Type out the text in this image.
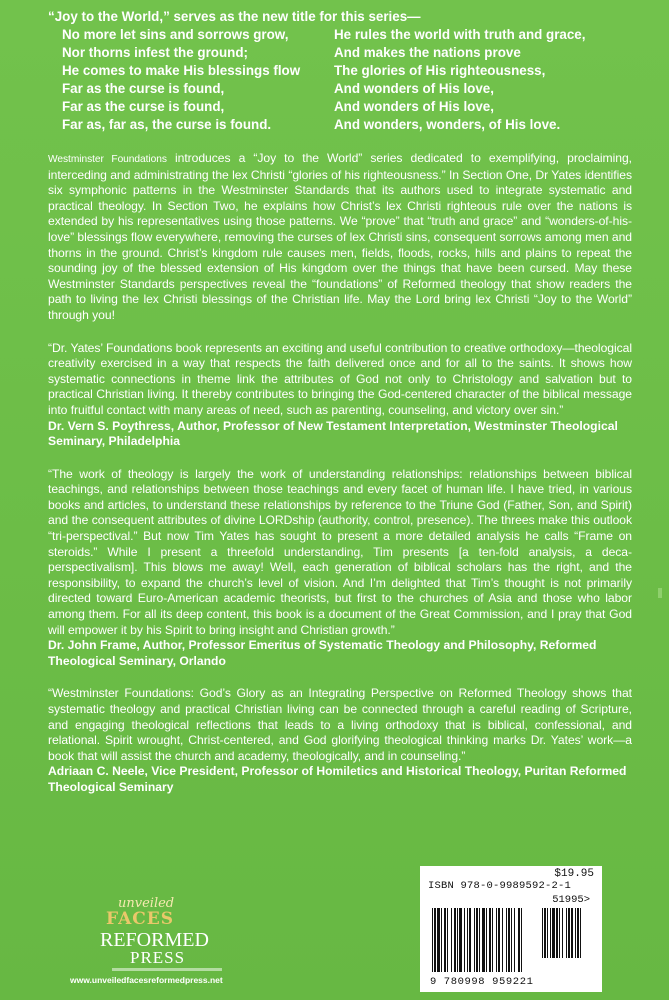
“Joy to the World,” serves as the new title for this series—
No more let sins and sorrows grow,
Nor thorns infest the ground;
He comes to make His blessings flow
Far as the curse is found,
Far as the curse is found,
Far as, far as, the curse is found.
He rules the world with truth and grace,
And makes the nations prove
The glories of His righteousness,
And wonders of His love,
And wonders of His love,
And wonders, wonders, of His love.
Westminster Foundations introduces a “Joy to the World” series dedicated to exemplifying, proclaiming, interceding and administrating the lex Christi “glories of his righteousness.” In Section One, Dr Yates identifies six symphonic patterns in the Westminster Standards that its authors used to integrate systematic and practical theology. In Section Two, he explains how Christ’s lex Christi righteous rule over the nations is extended by his representatives using those patterns. We “prove” that “truth and grace” and “wonders-of-his-love” blessings flow everywhere, removing the curses of lex Christi sins, consequent sorrows among men and thorns in the ground. Christ’s kingdom rule causes men, fields, floods, rocks, hills and plains to repeat the sounding joy of the blessed extension of His kingdom over the things that have been cursed. May these Westminster Standards perspectives reveal the “foundations” of Reformed theology that show readers the path to living the lex Christi blessings of the Christian life. May the Lord bring lex Christi “Joy to the World” through you!
“Dr. Yates’ Foundations book represents an exciting and useful contribution to creative orthodoxy—theological creativity exercised in a way that respects the faith delivered once and for all to the saints. It shows how systematic connections in theme link the attributes of God not only to Christology and salvation but to practical Christian living. It thereby contributes to bringing the God-centered character of the biblical message into fruitful contact with many areas of need, such as parenting, counseling, and victory over sin.”
Dr. Vern S. Poythress, Author, Professor of New Testament Interpretation, Westminster Theological Seminary, Philadelphia
“The work of theology is largely the work of understanding relationships: relationships between biblical teachings, and relationships between those teachings and every facet of human life. I have tried, in various books and articles, to understand these relationships by reference to the Triune God (Father, Son, and Spirit) and the consequent attributes of divine LORDship (authority, control, presence). The threes make this outlook “tri-perspectival.” But now Tim Yates has sought to present a more detailed analysis he calls “Frame on steroids.” While I present a threefold understanding, Tim presents [a ten-fold analysis, a deca-perspectivalism]. This blows me away! Well, each generation of biblical scholars has the right, and the responsibility, to expand the church’s level of vision. And I’m delighted that Tim’s thought is not primarily directed toward Euro-American academic theorists, but first to the churches of Asia and those who labor among them. For all its deep content, this book is a document of the Great Commission, and I pray that God will empower it by his Spirit to bring insight and Christian growth.”
Dr. John Frame, Author, Professor Emeritus of Systematic Theology and Philosophy, Reformed Theological Seminary, Orlando
“Westminster Foundations: God’s Glory as an Integrating Perspective on Reformed Theology shows that systematic theology and practical Christian living can be connected through a careful reading of Scripture, and engaging theological reflections that leads to a living orthodoxy that is biblical, confessional, and relational. Spirit wrought, Christ-centered, and God glorifying theological thinking marks Dr. Yates’ work—a book that will assist the church and academy, theologically, and in counseling.”
Adriaan C. Neele, Vice President, Professor of Homiletics and Historical Theology, Puritan Reformed Theological Seminary
unveiled
FACES
REFORMED
PRESS
www.unveiledfacesreformedpress.net
$19.95
ISBN 978-0-9989592-2-1
51995>
9 780998 959221
